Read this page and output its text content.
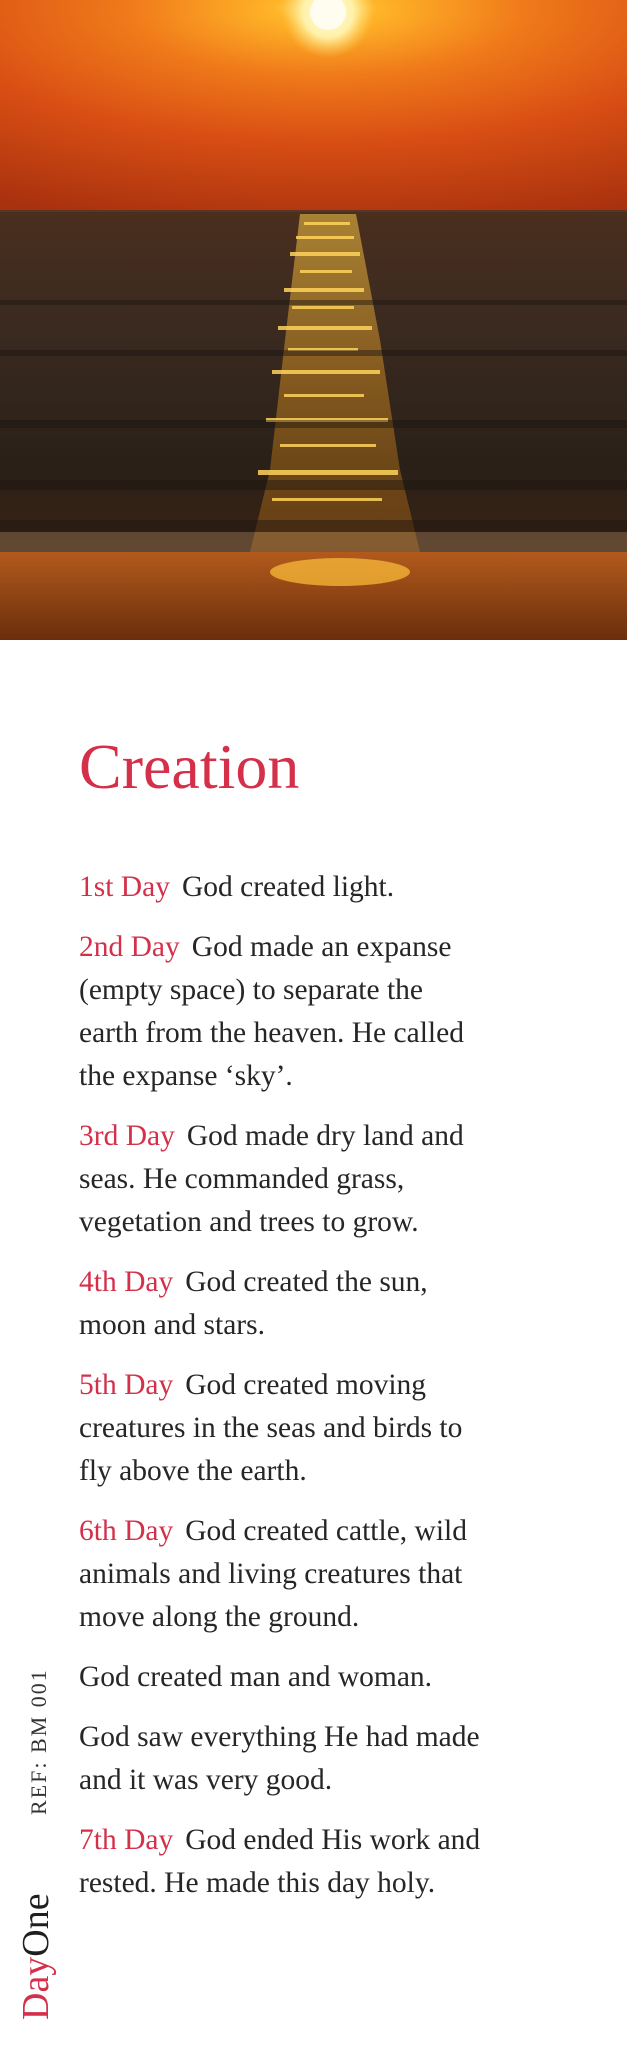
Creation
1st Day God created light.
2nd Day God made an expanse
(empty space) to separate the
earth from the heaven. He called
the expanse ‘sky’.
3rd Day God made dry land and
seas. He commanded grass,
vegetation and trees to grow.
4th Day God created the sun,
moon and stars.
5th Day God created moving
creatures in the seas and birds to
fly above the earth.
6th Day God created cattle, wild
animals and living creatures that
move along the ground.
God created man and woman.
God saw everything He had made
and it was very good.
7th Day God ended His work and
rested. He made this day holy.
REF: BM 001
DayOne
